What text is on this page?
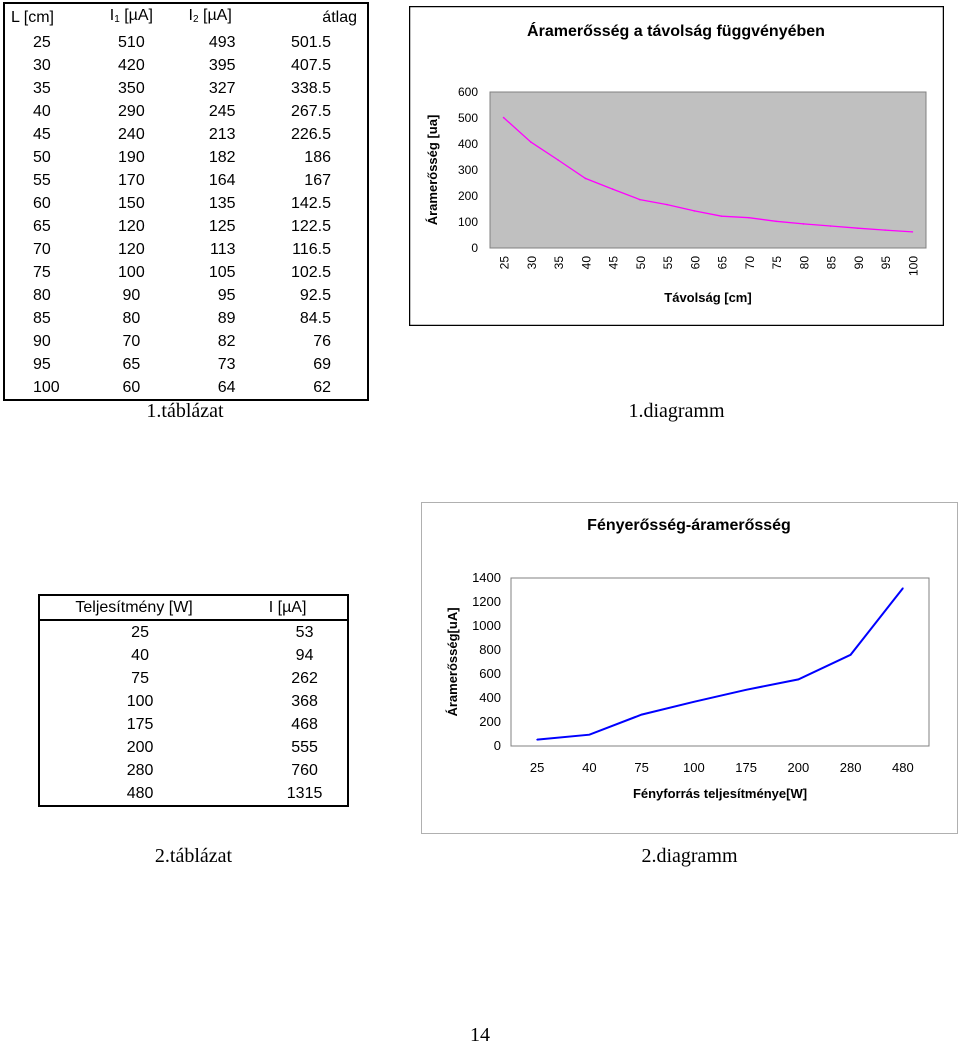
L [cm]	$I_1$ [µA]	$I_2$ [µA]	átlag
25	510	493	501.5
30	420	395	407.5
35	350	327	338.5
40	290	245	267.5
45	240	213	226.5
50	190	182	186
55	170	164	167
60	150	135	142.5
65	120	125	122.5
70	120	113	116.5
75	100	105	102.5
80	90	95	92.5
85	80	89	84.5
90	70	82	76
95	65	73	69
100	60	64	62
1.táblázat
Áramerősség a távolság függvényében
Áramerősség [ua]
Távolság [cm]
0
100
200
300
400
500
600
25 30 35 40 45 50 55 60 65 70 75 80 85 90 95 100
1.diagramm
Teljesítmény [W]	I [µA]
25	53
40	94
75	262
100	368
175	468
200	555
280	760
480	1315
2.táblázat
Fényerősség-áramerősség
Áramerősség[uA]
Fényforrás teljesítménye[W]
0
200
400
600
800
1000
1200
1400
25	40	75	100 175 200 280 480
2.diagramm
14
